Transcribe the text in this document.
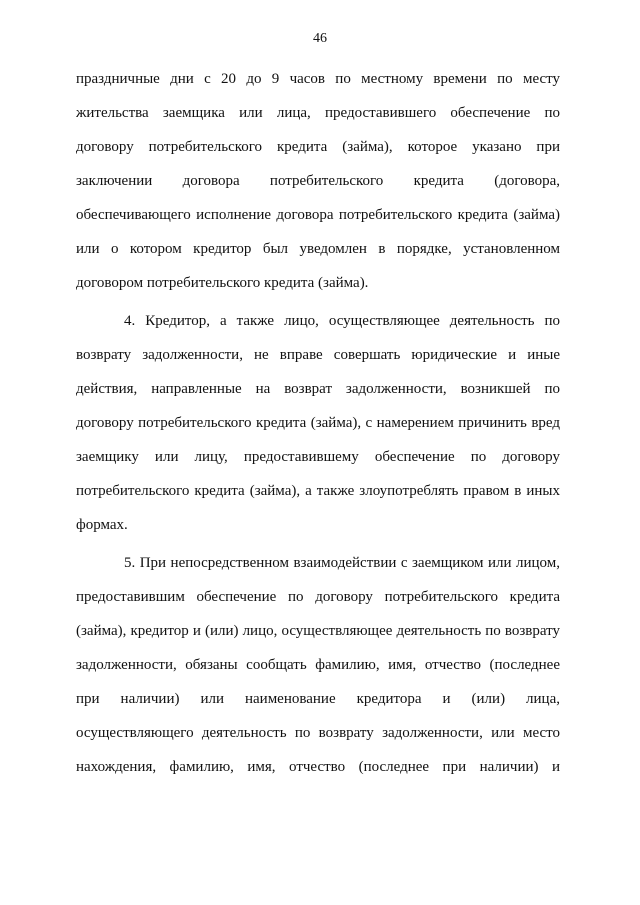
46
праздничные дни с 20 до 9 часов по местному времени по месту
жительства заемщика или лица, предоставившего обеспечение по
договору потребительского кредита (займа), которое указано при
заключении договора потребительского кредита (договора,
обеспечивающего исполнение договора потребительского кредита (займа)
или о котором кредитор был уведомлен в порядке, установленном
договором потребительского кредита (займа).
4. Кредитор, а также лицо, осуществляющее деятельность по
возврату задолженности, не вправе совершать юридические и иные
действия, направленные на возврат задолженности, возникшей по
договору потребительского кредита (займа), с намерением причинить вред
заемщику или лицу, предоставившему обеспечение по договору
потребительского кредита (займа), а также злоупотреблять правом в иных
формах.
5. При непосредственном взаимодействии с заемщиком или лицом,
предоставившим обеспечение по договору потребительского кредита
(займа), кредитор и (или) лицо, осуществляющее деятельность по возврату
задолженности, обязаны сообщать фамилию, имя, отчество (последнее
при наличии) или наименование кредитора и (или) лица,
осуществляющего деятельность по возврату задолженности, или место
нахождения, фамилию, имя, отчество (последнее при наличии) и
